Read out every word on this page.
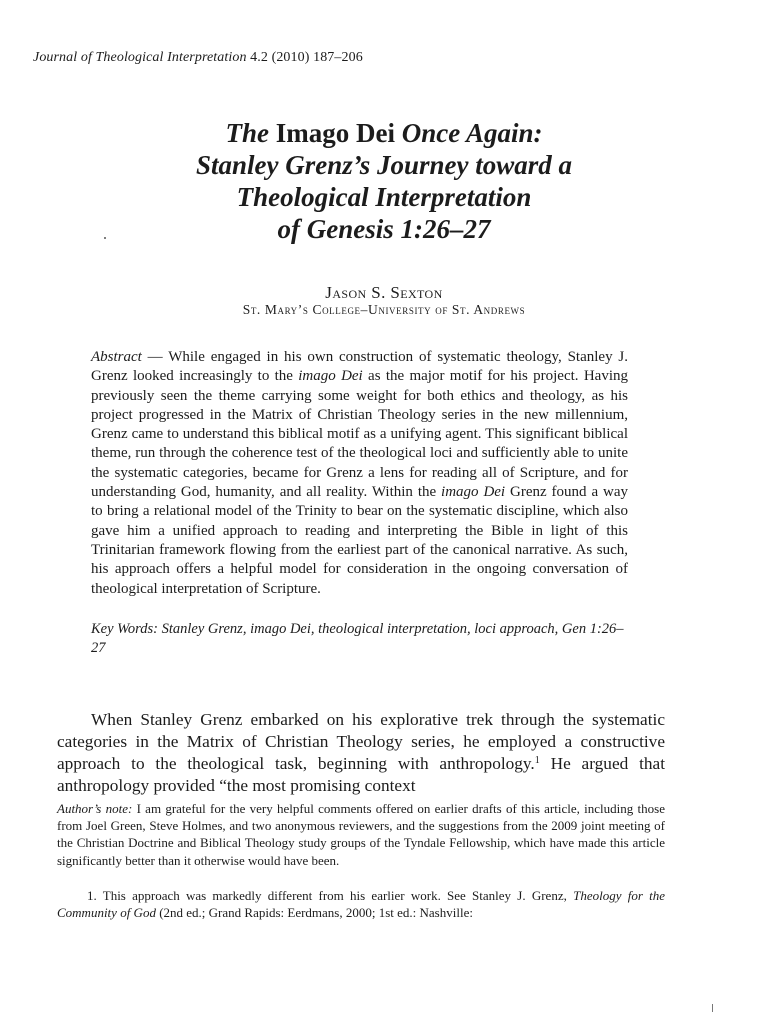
Journal of Theological Interpretation 4.2 (2010) 187–206
The Imago Dei Once Again:
Stanley Grenz’s Journey toward a
Theological Interpretation
of Genesis 1:26–27
Jason S. Sexton
St. Mary’s College–University of St. Andrews

Abstract — While engaged in his own construction of systematic theology, Stanley J. Grenz looked increasingly to the imago Dei as the major motif for his project. Having previously seen the theme carrying some weight for both ethics and theology, as his project progressed in the Matrix of Christian Theology series in the new millennium, Grenz came to understand this biblical motif as a unifying agent. This significant biblical theme, run through the coherence test of the theological loci and sufficiently able to unite the systematic categories, became for Grenz a lens for reading all of Scripture, and for understanding God, humanity, and all reality. Within the imago Dei Grenz found a way to bring a relational model of the Trinity to bear on the systematic discipline, which also gave him a unified approach to reading and interpreting the Bible in light of this Trinitarian framework flowing from the earliest part of the canonical narrative. As such, his approach offers a helpful model for consideration in the ongoing conversation of theological interpretation of Scripture.

Key Words: Stanley Grenz, imago Dei, theological interpretation, loci approach, Gen 1:26–27

When Stanley Grenz embarked on his explorative trek through the systematic categories in the Matrix of Christian Theology series, he employed a constructive approach to the theological task, beginning with anthropology.$^1$ He argued that anthropology provided “the most promising context

Author’s note: I am grateful for the very helpful comments offered on earlier drafts of this article, including those from Joel Green, Steve Holmes, and two anonymous reviewers, and the suggestions from the 2009 joint meeting of the Christian Doctrine and Biblical Theology study groups of the Tyndale Fellowship, which have made this article significantly better than it otherwise would have been.

1. This approach was markedly different from his earlier work. See Stanley J. Grenz, Theology for the Community of God (2nd ed.; Grand Rapids: Eerdmans, 2000; 1st ed.: Nashville:
